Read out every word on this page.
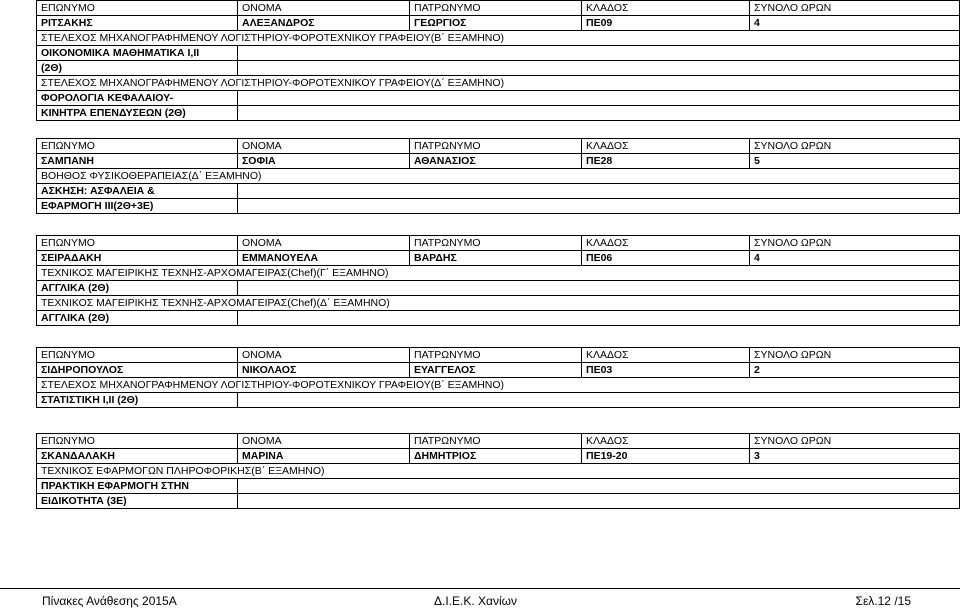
ΕΠΩΝΥΜΟ	ΟΝΟΜΑ	ΠΑΤΡΩΝΥΜΟ	ΚΛΑΔΟΣ	ΣΥΝΟΛΟ ΩΡΩΝ
ΡΙΤΣΑΚΗΣ	ΑΛΕΞΑΝΔΡΟΣ	ΓΕΩΡΓΙΟΣ	ΠΕ09	4
ΣΤΕΛΕΧΟΣ ΜΗΧΑΝΟΓΡΑΦΗΜΕΝΟΥ ΛΟΓΙΣΤΗΡΙΟΥ-ΦΟΡΟΤΕΧΝΙΚΟΥ ΓΡΑΦΕΙΟΥ(Β΄ ΕΞΑΜΗΝΟ)				
ΟΙΚΟΝΟΜΙΚΑ ΜΑΘΗΜΑΤΙΚΑ Ι,ΙΙ				
(2Θ)				
ΣΤΕΛΕΧΟΣ ΜΗΧΑΝΟΓΡΑΦΗΜΕΝΟΥ ΛΟΓΙΣΤΗΡΙΟΥ-ΦΟΡΟΤΕΧΝΙΚΟΥ ΓΡΑΦΕΙΟΥ(Δ΄ ΕΞΑΜΗΝΟ)				
ΦΟΡΟΛΟΓΙΑ ΚΕΦΑΛΑΙΟΥ-				
ΚΙΝΗΤΡΑ ΕΠΕΝΔΥΣΕΩΝ (2Θ)				
ΕΠΩΝΥΜΟ	ΟΝΟΜΑ	ΠΑΤΡΩΝΥΜΟ	ΚΛΑΔΟΣ	ΣΥΝΟΛΟ ΩΡΩΝ
ΣΑΜΠΑΝΗ	ΣΟΦΙΑ	ΑΘΑΝΑΣΙΟΣ	ΠΕ28	5
ΒΟΗΘΟΣ ΦΥΣΙΚΟΘΕΡΑΠΕΙΑΣ(Δ΄ ΕΞΑΜΗΝΟ)				
ΑΣΚΗΣΗ: ΑΣΦΑΛΕΙΑ &				
ΕΦΑΡΜΟΓΗ ΙΙΙ(2Θ+3Ε)				
ΕΠΩΝΥΜΟ	ΟΝΟΜΑ	ΠΑΤΡΩΝΥΜΟ	ΚΛΑΔΟΣ	ΣΥΝΟΛΟ ΩΡΩΝ
ΣΕΙΡΑΔΑΚΗ	ΕΜΜΑΝΟΥΕΛΑ	ΒΑΡΔΗΣ	ΠΕ06	4
ΤΕΧΝΙΚΟΣ ΜΑΓΕΙΡΙΚΗΣ ΤΕΧΝΗΣ-ΑΡΧΟΜΑΓΕΙΡΑΣ(Chef)(Γ΄ ΕΞΑΜΗΝΟ)				
ΑΓΓΛΙΚΑ (2Θ)				
ΤΕΧΝΙΚΟΣ ΜΑΓΕΙΡΙΚΗΣ ΤΕΧΝΗΣ-ΑΡΧΟΜΑΓΕΙΡΑΣ(Chef)(Δ΄ ΕΞΑΜΗΝΟ)				
ΑΓΓΛΙΚΑ (2Θ)				
ΕΠΩΝΥΜΟ	ΟΝΟΜΑ	ΠΑΤΡΩΝΥΜΟ	ΚΛΑΔΟΣ	ΣΥΝΟΛΟ ΩΡΩΝ
ΣΙΔΗΡΟΠΟΥΛΟΣ	ΝΙΚΟΛΑΟΣ	ΕΥΑΓΓΕΛΟΣ	ΠΕ03	2
ΣΤΕΛΕΧΟΣ ΜΗΧΑΝΟΓΡΑΦΗΜΕΝΟΥ ΛΟΓΙΣΤΗΡΙΟΥ-ΦΟΡΟΤΕΧΝΙΚΟΥ ΓΡΑΦΕΙΟΥ(Β΄ ΕΞΑΜΗΝΟ)				
ΣΤΑΤΙΣΤΙΚΗ Ι,ΙΙ (2Θ)				
ΕΠΩΝΥΜΟ	ΟΝΟΜΑ	ΠΑΤΡΩΝΥΜΟ	ΚΛΑΔΟΣ	ΣΥΝΟΛΟ ΩΡΩΝ
ΣΚΑΝΔΑΛΑΚΗ	ΜΑΡΙΝΑ	ΔΗΜΗΤΡΙΟΣ	ΠΕ19-20	3
ΤΕΧΝΙΚΟΣ ΕΦΑΡΜΟΓΩΝ ΠΛΗΡΟΦΟΡΙΚΗΣ(Β΄ ΕΞΑΜΗΝΟ)				
ΠΡΑΚΤΙΚΗ ΕΦΑΡΜΟΓΗ ΣΤΗΝ				
ΕΙΔΙΚΟΤΗΤΑ (3Ε)				
Πίνακες Ανάθεσης 2015Α	Δ.Ι.Ε.Κ. Χανίων	Σελ.12 /15
